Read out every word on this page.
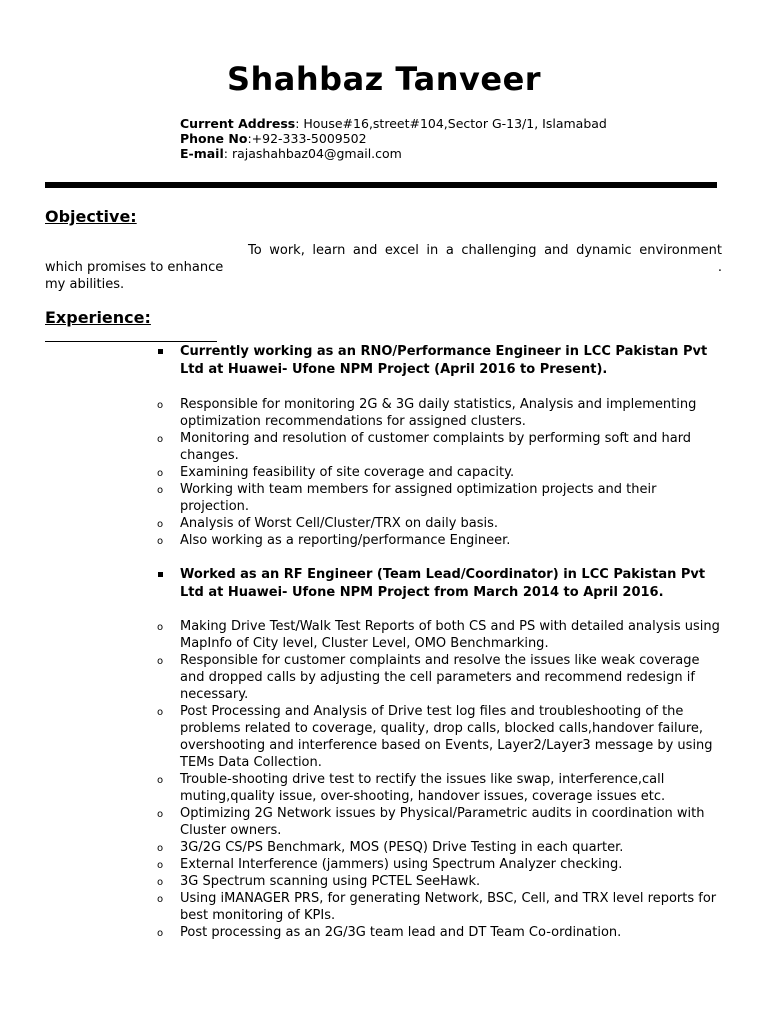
Shahbaz Tanveer
Current Address: House#16,street#104,Sector G-13/1, Islamabad
Phone No:+92-333-5009502
E-mail: rajashahbaz04@gmail.com
Objective:
To work, learn and excel in a challenging and dynamic environment
which promises to enhance	.
my abilities.
Experience:
Currently working as an RNO/Performance Engineer in LCC Pakistan Pvt Ltd at Huawei- Ufone NPM Project (April 2016 to Present).
o Responsible for monitoring 2G & 3G daily statistics, Analysis and implementing optimization recommendations for assigned clusters.
o Monitoring and resolution of customer complaints by performing soft and hard changes.
o Examining feasibility of site coverage and capacity.
o Working with team members for assigned optimization projects and their projection.
o Analysis of Worst Cell/Cluster/TRX on daily basis.
o Also working as a reporting/performance Engineer.
Worked as an RF Engineer (Team Lead/Coordinator) in LCC Pakistan Pvt Ltd at Huawei- Ufone NPM Project from March 2014 to April 2016.
o Making Drive Test/Walk Test Reports of both CS and PS with detailed analysis using MapInfo of City level, Cluster Level, OMO Benchmarking.
o Responsible for customer complaints and resolve the issues like weak coverage and dropped calls by adjusting the cell parameters and recommend redesign if necessary.
o Post Processing and Analysis of Drive test log files and troubleshooting of the problems related to coverage, quality, drop calls, blocked calls,handover failure, overshooting and interference based on Events, Layer2/Layer3 message by using TEMs Data Collection.
o Trouble-shooting drive test to rectify the issues like swap, interference,call muting,quality issue, over-shooting, handover issues, coverage issues etc.
o Optimizing 2G Network issues by Physical/Parametric audits in coordination with Cluster owners.
o 3G/2G CS/PS Benchmark, MOS (PESQ) Drive Testing in each quarter.
o External Interference (jammers) using Spectrum Analyzer checking.
o 3G Spectrum scanning using PCTEL SeeHawk.
o Using iMANAGER PRS, for generating Network, BSC, Cell, and TRX level reports for best monitoring of KPIs.
o Post processing as an 2G/3G team lead and DT Team Co-ordination.
